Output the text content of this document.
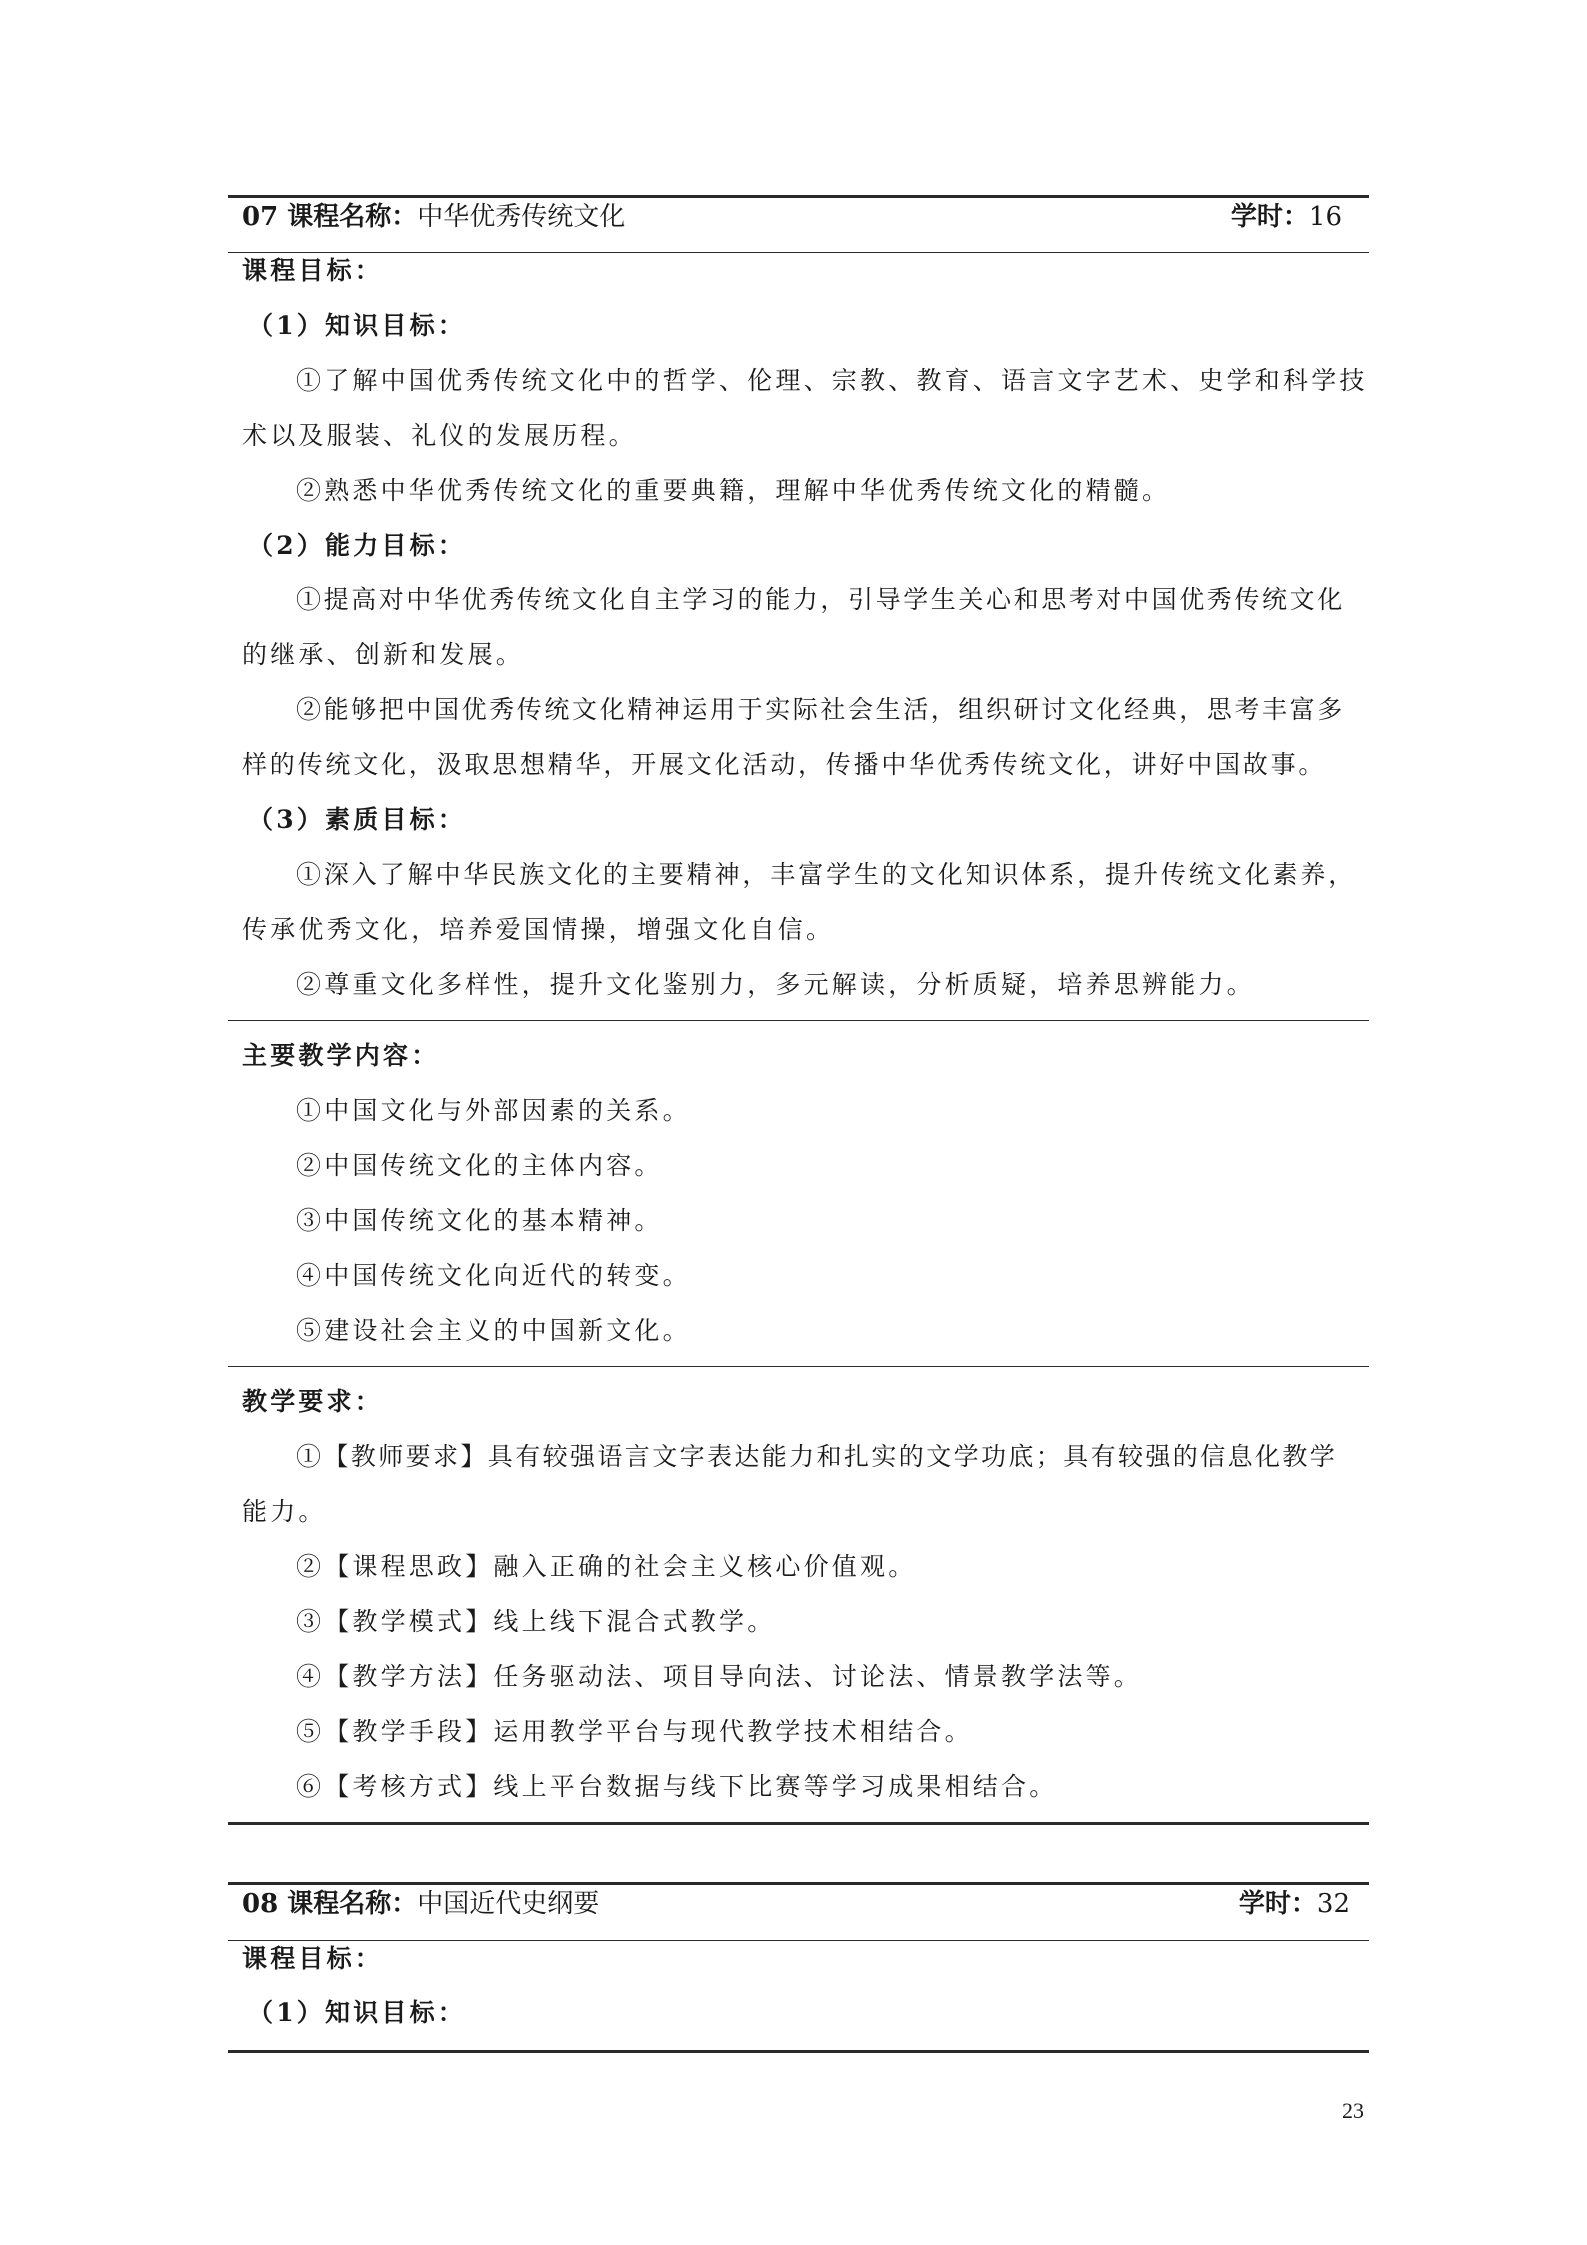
07 课程名称：中华优秀传统文化	学时：16
课程目标：
（1）知识目标：
①了解中国优秀传统文化中的哲学、伦理、宗教、教育、语言文字艺术、史学和科学技
术以及服装、礼仪的发展历程。
②熟悉中华优秀传统文化的重要典籍，理解中华优秀传统文化的精髓。
（2）能力目标：
①提高对中华优秀传统文化自主学习的能力，引导学生关心和思考对中国优秀传统文化
的继承、创新和发展。
②能够把中国优秀传统文化精神运用于实际社会生活，组织研讨文化经典，思考丰富多
样的传统文化，汲取思想精华，开展文化活动，传播中华优秀传统文化，讲好中国故事。
（3）素质目标：
①深入了解中华民族文化的主要精神，丰富学生的文化知识体系，提升传统文化素养，
传承优秀文化，培养爱国情操，增强文化自信。
②尊重文化多样性，提升文化鉴别力，多元解读，分析质疑，培养思辨能力。
主要教学内容：
①中国文化与外部因素的关系。
②中国传统文化的主体内容。
③中国传统文化的基本精神。
④中国传统文化向近代的转变。
⑤建设社会主义的中国新文化。
教学要求：
①【教师要求】具有较强语言文字表达能力和扎实的文学功底；具有较强的信息化教学
能力。
②【课程思政】融入正确的社会主义核心价值观。
③【教学模式】线上线下混合式教学。
④【教学方法】任务驱动法、项目导向法、讨论法、情景教学法等。
⑤【教学手段】运用教学平台与现代教学技术相结合。
⑥【考核方式】线上平台数据与线下比赛等学习成果相结合。
08 课程名称：中国近代史纲要	学时：32
课程目标：
（1）知识目标：
23
